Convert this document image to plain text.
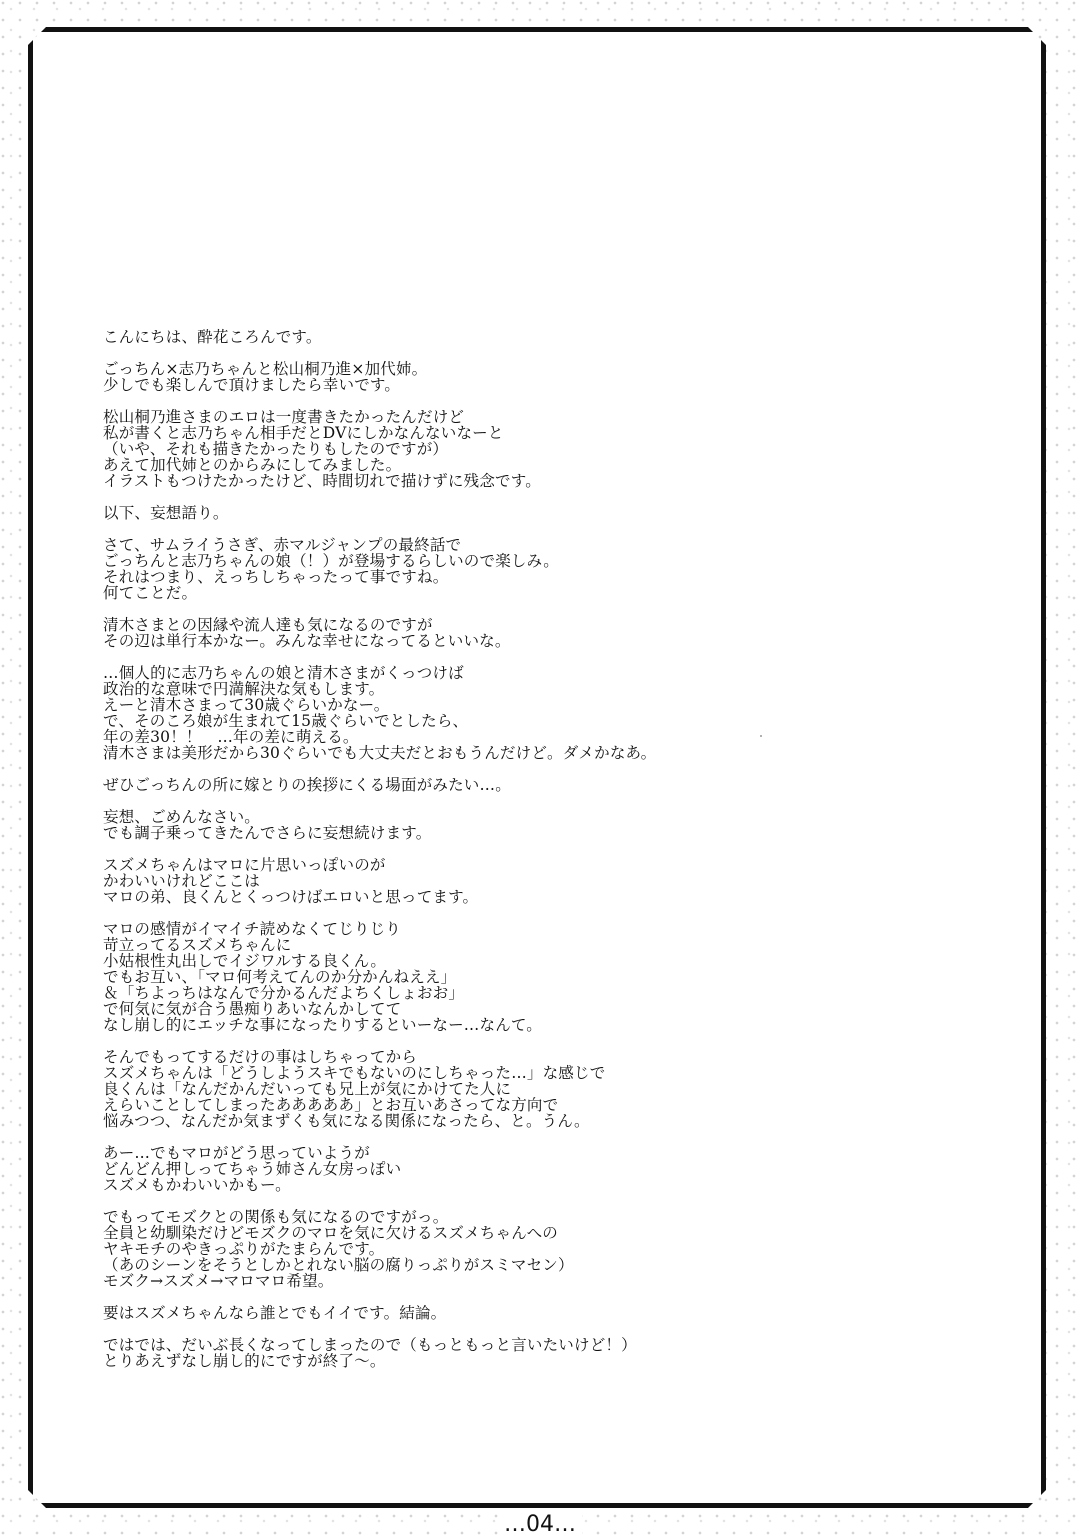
こんにちは、酔花ころんです。
ごっちん×志乃ちゃんと松山桐乃進×加代姉。
少しでも楽しんで頂けましたら幸いです。
松山桐乃進さまのエロは一度書きたかったんだけど
私が書くと志乃ちゃん相手だとDVにしかなんないなーと
（いや、それも描きたかったりもしたのですが）
あえて加代姉とのからみにしてみました。
イラストもつけたかったけど、時間切れで描けずに残念です。
以下、妄想語り。
さて、サムライうさぎ、赤マルジャンプの最終話で
ごっちんと志乃ちゃんの娘（！）が登場するらしいので楽しみ。
それはつまり、えっちしちゃったって事ですね。
何てことだ。
清木さまとの因縁や流人達も気になるのですが
その辺は単行本かなー。みんな幸せになってるといいな。
…個人的に志乃ちゃんの娘と清木さまがくっつけば
政治的な意味で円満解決な気もします。
えーと清木さまって30歳ぐらいかなー。
で、そのころ娘が生まれて15歳ぐらいでとしたら、
年の差30！！　…年の差に萌える。
清木さまは美形だから30ぐらいでも大丈夫だとおもうんだけど。ダメかなあ。
ぜひごっちんの所に嫁とりの挨拶にくる場面がみたい…。
妄想、ごめんなさい。
でも調子乗ってきたんでさらに妄想続けます。
スズメちゃんはマロに片思いっぽいのが
かわいいけれどここは
マロの弟、良くんとくっつけばエロいと思ってます。
マロの感情がイマイチ読めなくてじりじり
苛立ってるスズメちゃんに
小姑根性丸出しでイジワルする良くん。
でもお互い、「マロ何考えてんのか分かんねええ」
＆「ちよっちはなんで分かるんだよちくしょおお」
で何気に気が合う愚痴りあいなんかしてて
なし崩し的にエッチな事になったりするといーなー…なんて。
そんでもってするだけの事はしちゃってから
スズメちゃんは「どうしようスキでもないのにしちゃった…」な感じで
良くんは「なんだかんだいっても兄上が気にかけてた人に
えらいことしてしまったあああああ」とお互いあさってな方向で
悩みつつ、なんだか気まずくも気になる関係になったら、と。うん。
あー…でもマロがどう思っていようが
どんどん押しってちゃう姉さん女房っぽい
スズメもかわいいかもー。
でもってモズクとの関係も気になるのですがっ。
全員と幼馴染だけどモズクのマロを気に欠けるスズメちゃんへの
ヤキモチのやきっぷりがたまらんです。
（あのシーンをそうとしかとれない脳の腐りっぷりがスミマセン）
モズク→スズメ→マロマロ希望。
要はスズメちゃんなら誰とでもイイです。結論。
ではでは、だいぶ長くなってしまったので（もっともっと言いたいけど！）
とりあえずなし崩し的にですが終了〜。
…04…
